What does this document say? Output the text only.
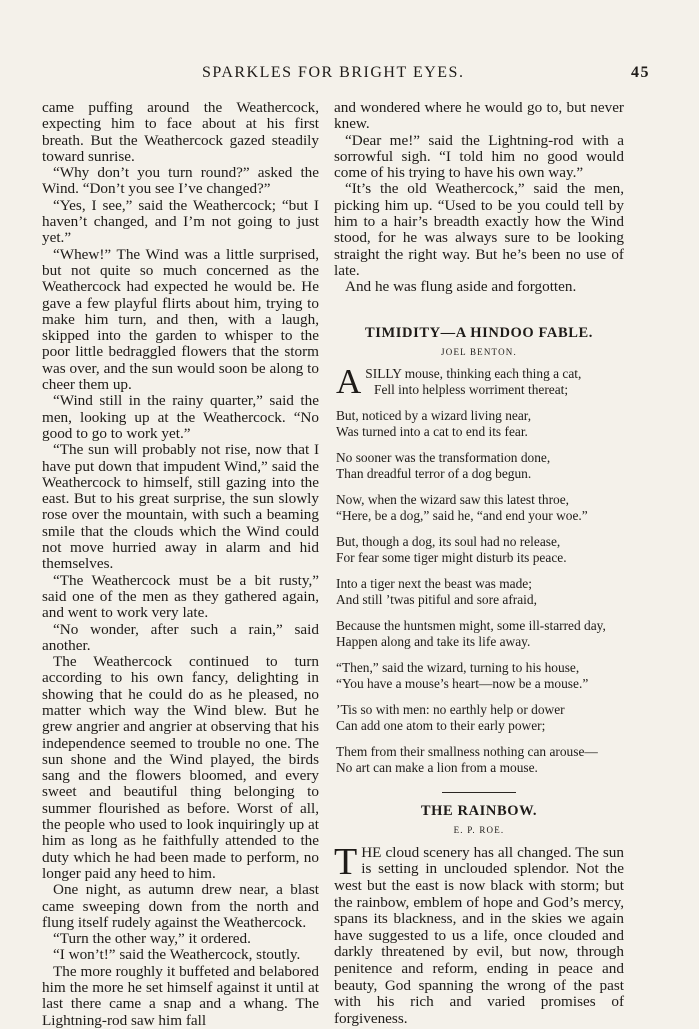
SPARKLES FOR BRIGHT EYES.	45

came puffing around the Weathercock, expecting him to face about at his first breath. But the Weathercock gazed steadily toward sunrise.

“Why don’t you turn round?” asked the Wind. “Don’t you see I’ve changed?”

“Yes, I see,” said the Weathercock; “but I haven’t changed, and I’m not going to just yet.”

“Whew!” The Wind was a little surprised, but not quite so much concerned as the Weathercock had expected he would be. He gave a few playful flirts about him, trying to make him turn, and then, with a laugh, skipped into the garden to whisper to the poor little bedraggled flowers that the storm was over, and the sun would soon be along to cheer them up.

“Wind still in the rainy quarter,” said the men, looking up at the Weathercock. “No good to go to work yet.”

“The sun will probably not rise, now that I have put down that impudent Wind,” said the Weathercock to himself, still gazing into the east. But to his great surprise, the sun slowly rose over the mountain, with such a beaming smile that the clouds which the Wind could not move hurried away in alarm and hid themselves.

“The Weathercock must be a bit rusty,” said one of the men as they gathered again, and went to work very late.

“No wonder, after such a rain,” said another.

The Weathercock continued to turn according to his own fancy, delighting in showing that he could do as he pleased, no matter which way the Wind blew. But he grew angrier and angrier at observing that his independence seemed to trouble no one. The sun shone and the Wind played, the birds sang and the flowers bloomed, and every sweet and beautiful thing belonging to summer flourished as before. Worst of all, the people who used to look inquiringly up at him as long as he faithfully attended to the duty which he had been made to perform, no longer paid any heed to him.

One night, as autumn drew near, a blast came sweeping down from the north and flung itself rudely against the Weathercock.

“Turn the other way,” it ordered.

“I won’t!” said the Weathercock, stoutly.

The more roughly it buffeted and belabored him the more he set himself against it until at last there came a snap and a whang. The Lightning-rod saw him fall

and wondered where he would go to, but never knew.

“Dear me!” said the Lightning-rod with a sorrowful sigh. “I told him no good would come of his trying to have his own way.”

“It’s the old Weathercock,” said the men, picking him up. “Used to be you could tell by him to a hair’s breadth exactly how the Wind stood, for he was always sure to be looking straight the right way. But he’s been no use of late.

And he was flung aside and forgotten.

TIMIDITY—A HINDOO FABLE.
JOEL BENTON.
A SILLY mouse, thinking each thing a cat,
Fell into helpless worriment thereat;
But, noticed by a wizard living near,
Was turned into a cat to end its fear.
No sooner was the transformation done,
Than dreadful terror of a dog begun.
Now, when the wizard saw this latest throe,
“Here, be a dog,” said he, “and end your woe.”
But, though a dog, its soul had no release,
For fear some tiger might disturb its peace.
Into a tiger next the beast was made;
And still ’twas pitiful and sore afraid,
Because the huntsmen might, some ill-starred day,
Happen along and take its life away.
“Then,” said the wizard, turning to his house,
“You have a mouse’s heart—now be a mouse.”
’Tis so with men: no earthly help or dower
Can add one atom to their early power;
Them from their smallness nothing can arouse—
No art can make a lion from a mouse.
THE RAINBOW.
E. P. ROE.

THE cloud scenery has all changed. The sun is setting in unclouded splendor. Not the west but the east is now black with storm; but the rainbow, emblem of hope and God’s mercy, spans its blackness, and in the skies we again have suggested to us a life, once clouded and darkly threatened by evil, but now, through penitence and reform, ending in peace and beauty, God spanning the wrong of the past with his rich and varied promises of forgiveness.
